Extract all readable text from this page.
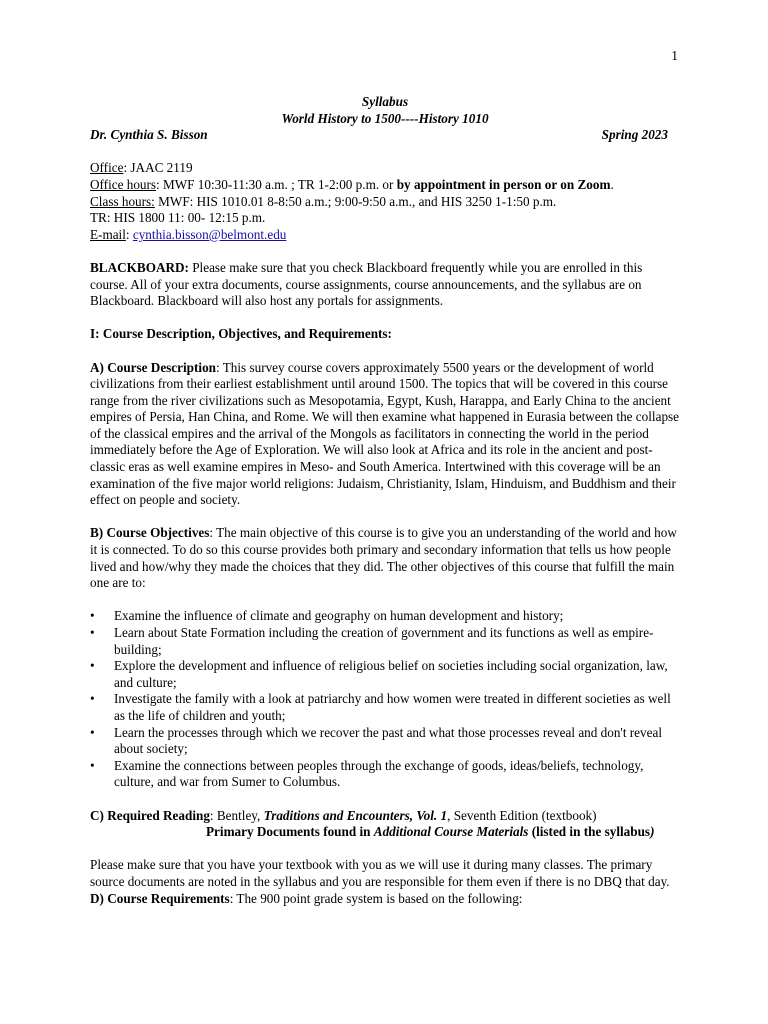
1
Syllabus
World History to 1500----History 1010
Dr. Cynthia S. Bisson	Spring 2023
Office: JAAC 2119
Office hours: MWF 10:30-11:30 a.m. ; TR 1-2:00 p.m. or by appointment in person or on Zoom.
Class hours: MWF: HIS 1010.01 8-8:50 a.m.; 9:00-9:50 a.m., and HIS 3250 1-1:50 p.m.
TR: HIS 1800 11: 00- 12:15 p.m.
E-mail: cynthia.bisson@belmont.edu

BLACKBOARD: Please make sure that you check Blackboard frequently while you are enrolled in this course. All of your extra documents, course assignments, course announcements, and the syllabus are on Blackboard. Blackboard will also host any portals for assignments.

I: Course Description, Objectives, and Requirements:

A) Course Description: This survey course covers approximately 5500 years or the development of world civilizations from their earliest establishment until around 1500. The topics that will be covered in this course range from the river civilizations such as Mesopotamia, Egypt, Kush, Harappa, and Early China to the ancient empires of Persia, Han China, and Rome. We will then examine what happened in Eurasia between the collapse of the classical empires and the arrival of the Mongols as facilitators in connecting the world in the period immediately before the Age of Exploration. We will also look at Africa and its role in the ancient and post-classic eras as well examine empires in Meso- and South America. Intertwined with this coverage will be an examination of the five major world religions: Judaism, Christianity, Islam, Hinduism, and Buddhism and their effect on people and society.

B) Course Objectives: The main objective of this course is to give you an understanding of the world and how it is connected. To do so this course provides both primary and secondary information that tells us how people lived and how/why they made the choices that they did. The other objectives of this course that fulfill the main one are to:

• Examine the influence of climate and geography on human development and history;
• Learn about State Formation including the creation of government and its functions as well as empire-building;
• Explore the development and influence of religious belief on societies including social organization, law, and culture;
• Investigate the family with a look at patriarchy and how women were treated in different societies as well as the life of children and youth;
• Learn the processes through which we recover the past and what those processes reveal and don't reveal about society;
• Examine the connections between peoples through the exchange of goods, ideas/beliefs, technology, culture, and war from Sumer to Columbus.
C) Required Reading: Bentley, Traditions and Encounters, Vol. 1, Seventh Edition (textbook)
Primary Documents found in Additional Course Materials (listed in the syllabus)

Please make sure that you have your textbook with you as we will use it during many classes. The primary source documents are noted in the syllabus and you are responsible for them even if there is no DBQ that day.

D) Course Requirements: The 900 point grade system is based on the following:
